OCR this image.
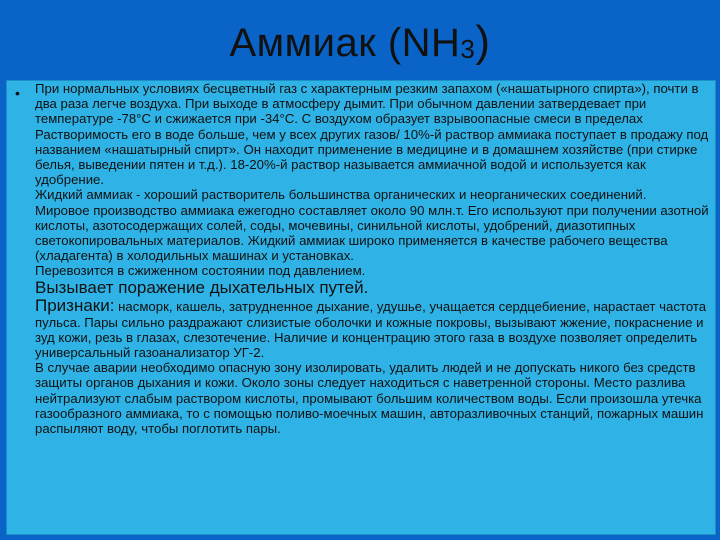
Аммиак $(NH_3)$
• При нормальных условиях бесцветный газ с характерным резким запахом («нашатырного спирта»), почти в два раза легче воздуха. При выходе в атмосферу дымит. При обычном давлении затвердевает при температуре -78°С и сжижается при -34°С. С воздухом образует взрывоопасные смеси в пределах

Растворимость его в воде больше, чем у всех других газов/ 10%-й раствор аммиака поступает в продажу под названием «нашатырный спирт». Он находит применение в медицине и в домашнем хозяйстве (при стирке белья, выведении пятен и т.д.). 18-20%-й раствор называется аммиачной водой и используется как удобрение.

Жидкий аммиак - хороший растворитель большинства органических и неорганических соединений.

Мировое производство аммиака ежегодно составляет около 90 млн.т. Его используют при получении азотной кислоты, азотосодержащих солей, соды, мочевины, синильной кислоты, удобрений, диазотипных светокопировальных материалов. Жидкий аммиак широко применяется в качестве рабочего вещества (хладагента) в холодильных машинах и установках.

Перевозится в сжиженном состоянии под давлением.

Вызывает поражение дыхательных путей.

Признаки: насморк, кашель, затрудненное дыхание, удушье, учащается сердцебиение, нарастает частота пульса. Пары сильно раздражают слизистые оболочки и кожные покровы, вызывают жжение, покраснение и зуд кожи, резь в глазах, слезотечение. Наличие и концентрацию этого газа в воздухе позволяет определить универсальный газоанализатор УГ-2.

В случае аварии необходимо опасную зону изолировать, удалить людей и не допускать никого без средств защиты органов дыхания и кожи. Около зоны следует находиться с наветренной стороны. Место разлива нейтрализуют слабым раствором кислоты, промывают большим количеством воды. Если произошла утечка газообразного аммиака, то с помощью поливо-моечных машин, авторазливочных станций, пожарных машин распыляют воду, чтобы поглотить пары.
